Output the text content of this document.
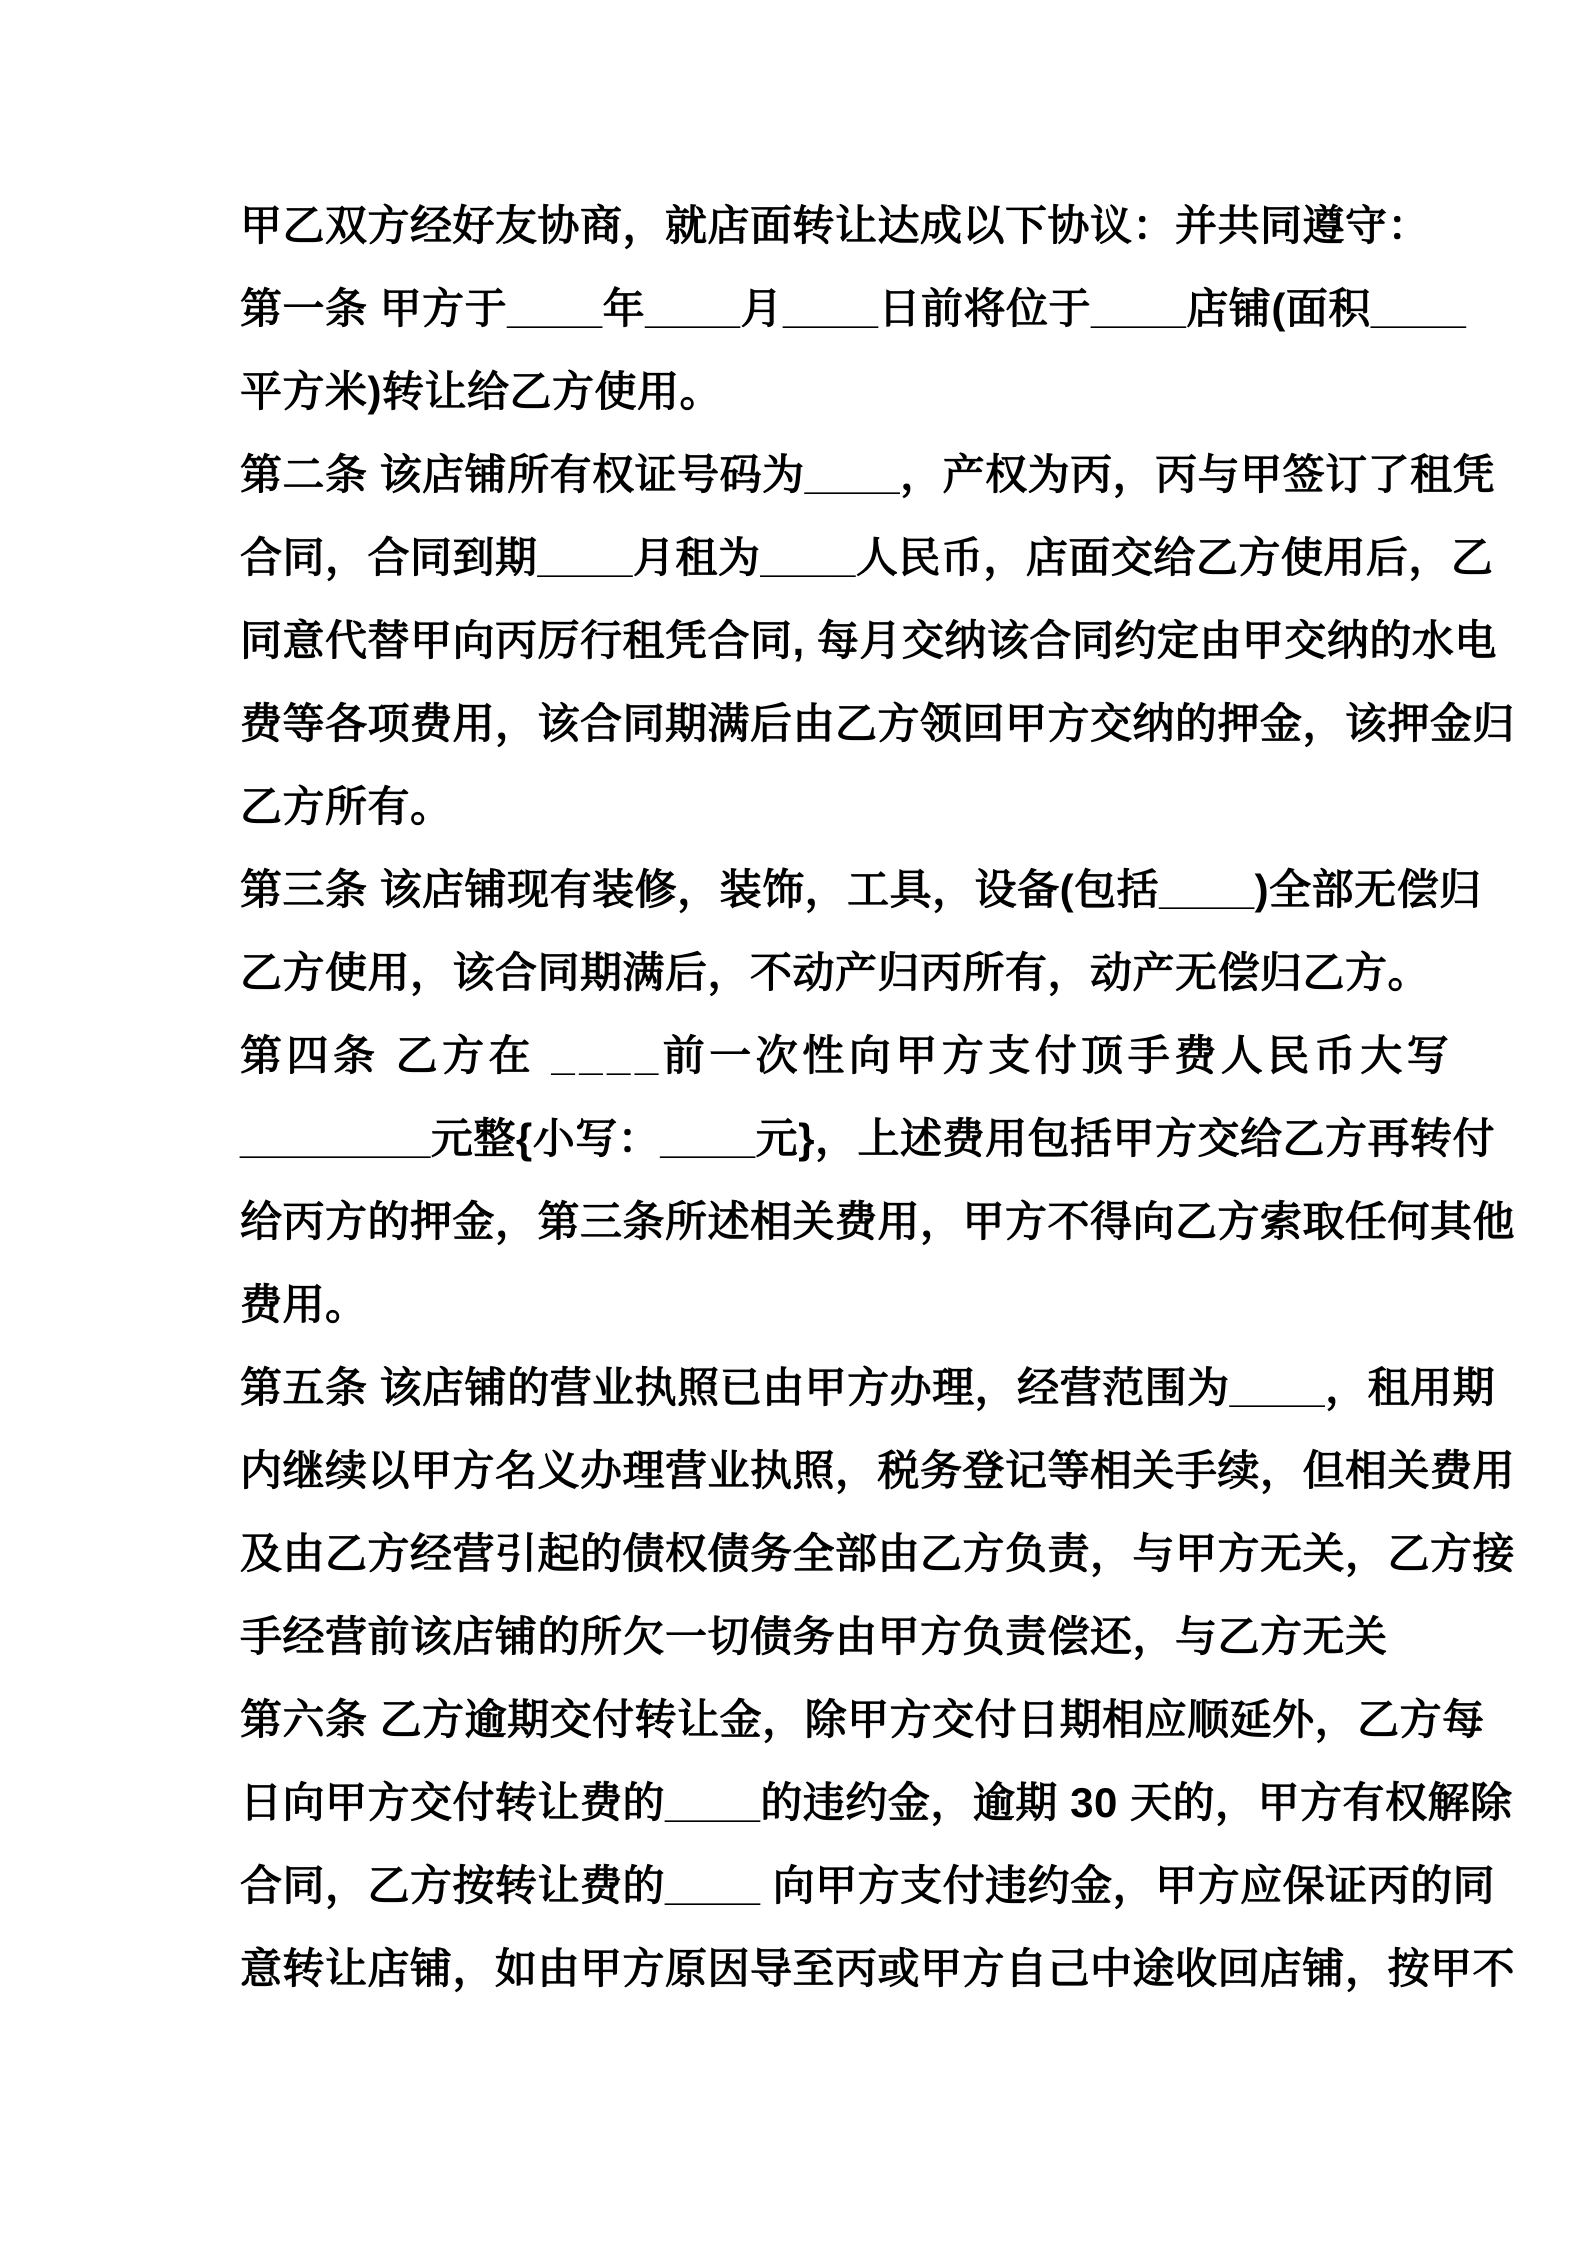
甲乙双方经好友协商，就店面转让达成以下协议：并共同遵守：
第一条 甲方于____年____月____日前将位于____店铺(面积____
平方米)转让给乙方使用。
第二条 该店铺所有权证号码为____，产权为丙，丙与甲签订了租凭
合同，合同到期____月租为____人民币，店面交给乙方使用后，乙
同意代替甲向丙厉行租凭合同, 每月交纳该合同约定由甲交纳的水电
费等各项费用，该合同期满后由乙方领回甲方交纳的押金，该押金归
乙方所有。
第三条 该店铺现有装修，装饰，工具，设备(包括____)全部无偿归
乙方使用，该合同期满后，不动产归丙所有，动产无偿归乙方。
第四条 乙方在 ____前一次性向甲方支付顶手费人民币大写
________元整{小写：____元}，上述费用包括甲方交给乙方再转付
给丙方的押金，第三条所述相关费用，甲方不得向乙方索取任何其他
费用。
第五条 该店铺的营业执照已由甲方办理，经营范围为____，租用期
内继续以甲方名义办理营业执照，税务登记等相关手续，但相关费用
及由乙方经营引起的债权债务全部由乙方负责，与甲方无关，乙方接
手经营前该店铺的所欠一切债务由甲方负责偿还，与乙方无关
第六条 乙方逾期交付转让金，除甲方交付日期相应顺延外，乙方每
日向甲方交付转让费的____的违约金，逾期 30 天的，甲方有权解除
合同，乙方按转让费的____ 向甲方支付违约金，甲方应保证丙的同
意转让店铺，如由甲方原因导至丙或甲方自己中途收回店铺，按甲不
